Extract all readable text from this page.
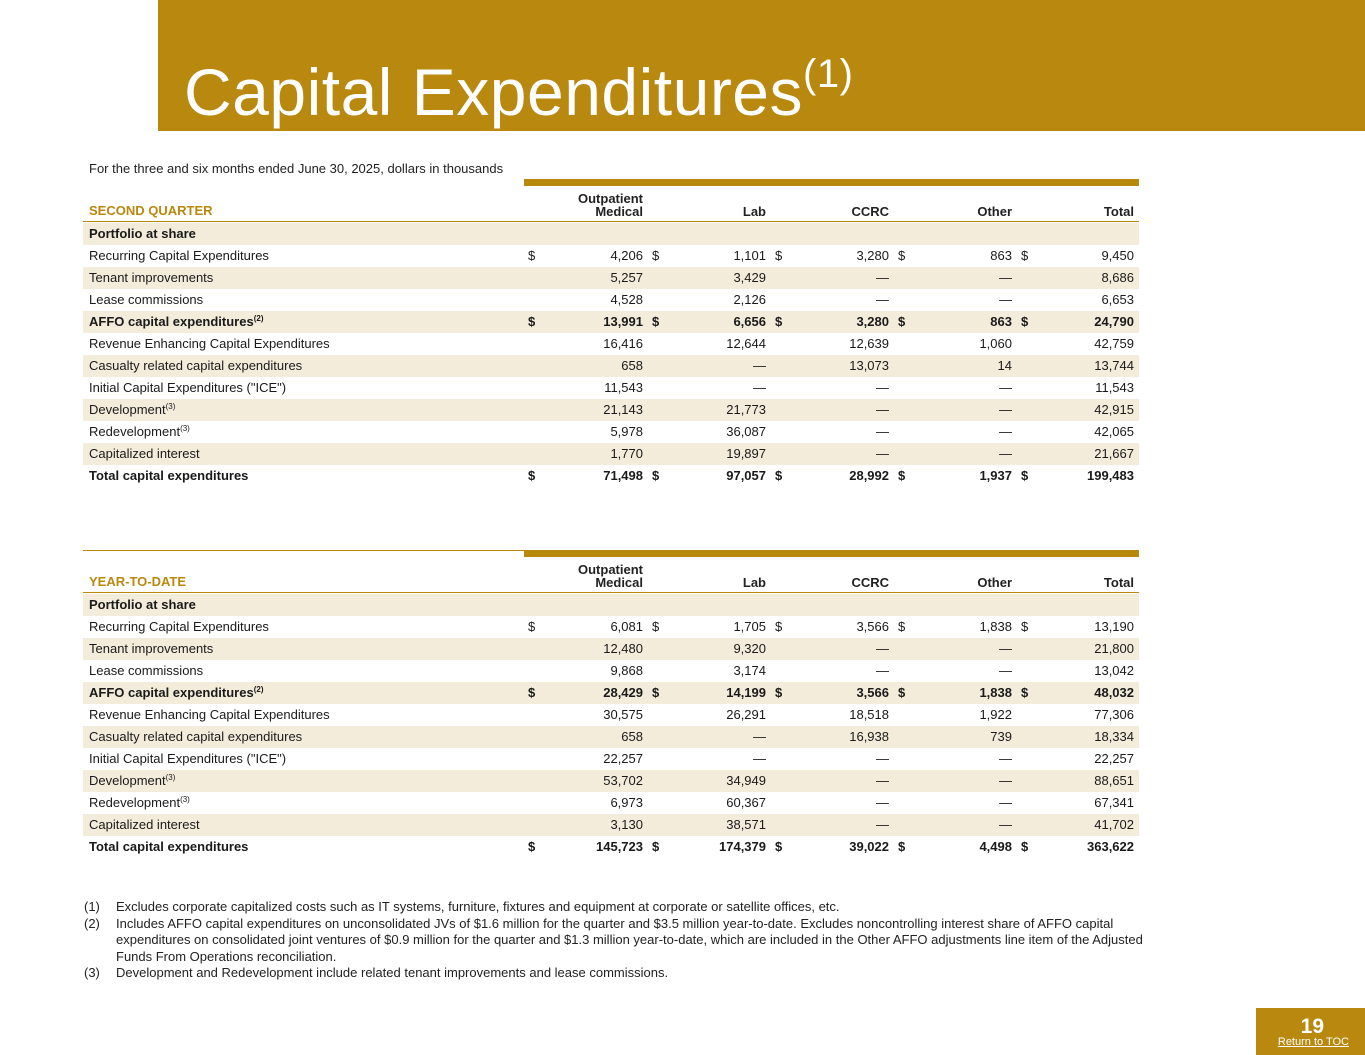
Capital Expenditures$^{(1)}$
For the three and six months ended June 30, 2025, dollars in thousands
SECOND QUARTER
Outpatient
Medical	Lab	CCRC	Other	Total
Portfolio at share
Recurring Capital Expenditures	$	4,206 $	1,101 $	3,280 $	863 $	9,450
Tenant improvements	5,257	3,429	—	—	8,686
Lease commissions	4,528	2,126	—	—	6,653
AFFO capital expenditures$^{(2)}$	$	13,991 $	6,656 $	3,280 $	863 $	24,790
Revenue Enhancing Capital Expenditures	16,416	12,644	12,639	1,060	42,759
Casualty related capital expenditures	658	—	13,073	14	13,744
Initial Capital Expenditures ("ICE")	11,543	—	—	—	11,543
Development$^{(3)}$	21,143	21,773	—	—	42,915
Redevelopment$^{(3)}$	5,978	36,087	—	—	42,065
Capitalized interest	1,770	19,897	—	—	21,667
Total capital expenditures	$	71,498 $	97,057 $	28,992 $	1,937 $	199,483
YEAR-TO-DATE
Outpatient
Medical	Lab	CCRC	Other	Total
Portfolio at share
Recurring Capital Expenditures	$	6,081 $	1,705 $	3,566 $	1,838 $	13,190
Tenant improvements	12,480	9,320	—	—	21,800
Lease commissions	9,868	3,174	—	—	13,042
AFFO capital expenditures$^{(2)}$	$	28,429 $	14,199 $	3,566 $	1,838 $	48,032
Revenue Enhancing Capital Expenditures	30,575	26,291	18,518	1,922	77,306
Casualty related capital expenditures	658	—	16,938	739	18,334
Initial Capital Expenditures ("ICE")	22,257	—	—	—	22,257
Development$^{(3)}$	53,702	34,949	—	—	88,651
Redevelopment$^{(3)}$	6,973	60,367	—	—	67,341
Capitalized interest	3,130	38,571	—	—	41,702
Total capital expenditures	$	145,723 $	174,379 $	39,022 $	4,498 $	363,622
(1) Excludes corporate capitalized costs such as IT systems, furniture, fixtures and equipment at corporate or satellite offices, etc.
(2) Includes AFFO capital expenditures on unconsolidated JVs of $1.6 million for the quarter and $3.5 million year-to-date. Excludes noncontrolling interest share of AFFO capital expenditures on consolidated joint ventures of $0.9 million for the quarter and $1.3 million year-to-date, which are included in the Other AFFO adjustments line item of the Adjusted Funds From Operations reconciliation.
(3) Development and Redevelopment include related tenant improvements and lease commissions.
19
Return to TOC
